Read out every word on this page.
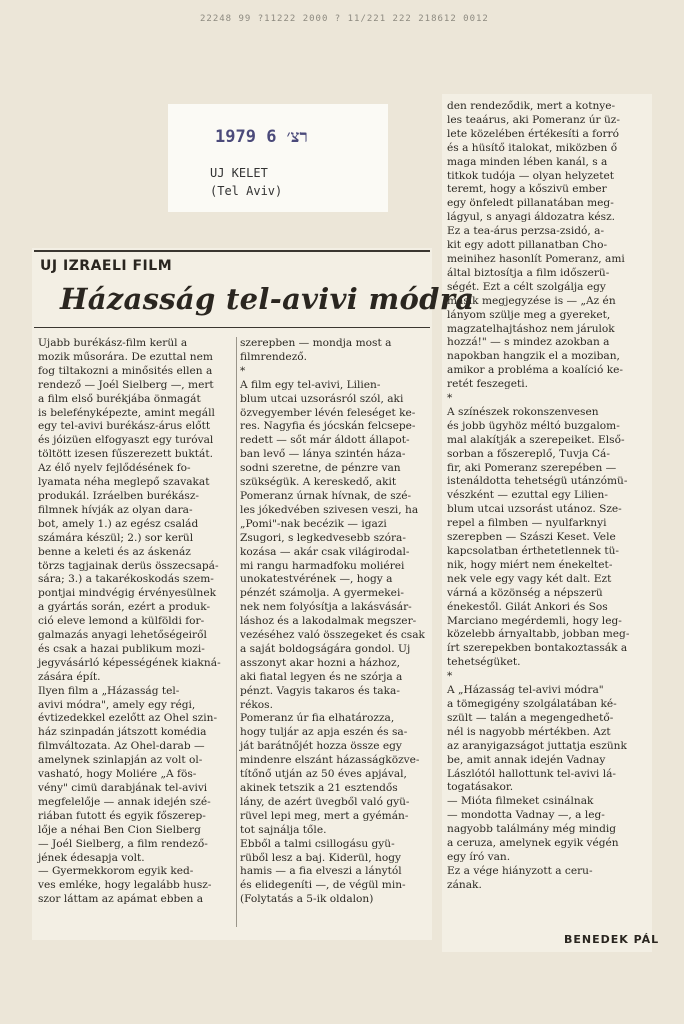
22248 99 ?11222 2000 ? 11/221 222 218612 0012
1979 רצ׳ 6
UJ KELET
(Tel Aviv)
UJ IZRAELI FILM
Házasság tel-avivi módra
Ujabb burékász-film kerül a
mozik műsorára. De ezuttal nem
fog tiltakozni a minősités ellen a
rendező — Joél Sielberg —, mert
a film első burékjába önmagát
is belefényképezte, amint megáll
egy tel-avivi burékász-árus előtt
és jóizüen elfogyaszt egy turóval
töltött izesen fűszerezett buktát.
Az élő nyelv fejlődésének fo-
lyamata néha meglepő szavakat
produkál. Izráelben burékász-
filmnek hívják az olyan dara-
bot, amely 1.) az egész család
számára készül; 2.) sor kerül
benne a keleti és az áskenáz
törzs tagjainak derüs összecsapá-
sára; 3.) a takarékoskodás szem-
pontjai mindvégig érvényesülnek
a gyártás során, ezért a produk-
ció eleve lemond a külföldi for-
galmazás anyagi lehetőségeiről
és csak a hazai publikum mozi-
jegyvásárló képességének kiakná-
zására épít.
Ilyen film a „Házasság tel-
avivi módra", amely egy régi,
évtizedekkel ezelőtt az Ohel szin-
ház szinpadán játszott komédia
filmváltozata. Az Ohel-darab —
amelynek szinlapján az volt ol-
vasható, hogy Moliére „A fös-
vény" cimü darabjának tel-avivi
megfelelője — annak idején szé-
riában futott és egyik főszerep-
lője a néhai Ben Cion Sielberg
— Joél Sielberg, a film rendező-
jének édesapja volt.
— Gyermekkorom egyik ked-
ves emléke, hogy legalább husz-
szor láttam az apámat ebben a
szerepben — mondja most a
filmrendező.
*
A film egy tel-avivi, Lilien-
blum utcai uzsorásról szól, aki
özvegyember lévén feleséget ke-
res. Nagyfia és jócskán felcsepe-
redett — sőt már áldott állapot-
ban levő — lánya szintén háza-
sodni szeretne, de pénzre van
szükségük. A kereskedő, akit
Pomeranz úrnak hívnak, de szé-
les jókedvében szivesen veszi, ha
„Pomi"-nak becézik — igazi
Zsugori, s legkedvesebb szóra-
kozása — akár csak világirodal-
mi rangu harmadfoku moliérei
unokatestvérének —, hogy a
pénzét számolja. A gyermekei-
nek nem folyósítja a lakásvásár-
láshoz és a lakodalmak megszer-
vezéséhez való összegeket és csak
a saját boldogságára gondol. Uj
asszonyt akar hozni a házhoz,
aki fiatal legyen és ne szórja a
pénzt. Vagyis takaros és taka-
rékos.
Pomeranz úr fia elhatározza,
hogy tuljár az apja eszén és sa-
ját barátnőjét hozza össze egy
mindenre elszánt házasságközve-
títőnő utján az 50 éves apjával,
akinek tetszik a 21 esztendős
lány, de azért üvegből való gyü-
rüvel lepi meg, mert a gyémán-
tot sajnálja tőle.
Ebből a talmi csillogásu gyü-
rüből lesz a baj. Kiderül, hogy
hamis — a fia elveszi a lánytól
és elidegeníti —, de végül min-
(Folytatás a 5-ik oldalon)
den rendeződik, mert a kotnye-
les teaárus, aki Pomeranz úr üz-
lete közelében értékesíti a forró
és a hüsítő italokat, miközben ő
maga minden lében kanál, s a
titkok tudója — olyan helyzetet
teremt, hogy a kőszivü ember
egy önfeledt pillanatában meg-
lágyul, s anyagi áldozatra kész.
Ez a tea-árus perzsa-zsidó, a-
kit egy adott pillanatban Cho-
meinihez hasonlít Pomeranz, ami
által biztosítja a film időszerü-
ségét. Ezt a célt szolgálja egy
másik megjegyzése is — „Az én
lányom szülje meg a gyereket,
magzatelhajtáshoz nem járulok
hozzá!" — s mindez azokban a
napokban hangzik el a moziban,
amikor a probléma a koalíció ke-
retét feszegeti.
*
A színészek rokonszenvesen
és jobb ügyhöz méltó buzgalom-
mal alakítják a szerepeiket. Első-
sorban a főszereplő, Tuvja Cá-
fir, aki Pomeranz szerepében —
istenáldotta tehetségü utánzómü-
vészként — ezuttal egy Lilien-
blum utcai uzsorást utánoz. Sze-
repel a filmben — nyulfarknyi
szerepben — Szászi Keset. Vele
kapcsolatban érthetetlennek tü-
nik, hogy miért nem énekeltet-
nek vele egy vagy két dalt. Ezt
várná a közönség a népszerü
énekestől. Gilát Ankori és Sos
Marciano megérdemli, hogy leg-
közelebb árnyaltabb, jobban meg-
írt szerepekben bontakoztassák a
tehetségüket.
*
A „Házasság tel-avivi módra"
a tömegigény szolgálatában ké-
szült — talán a megengedhető-
nél is nagyobb mértékben. Azt
az aranyigazságot juttatja eszünk
be, amit annak idején Vadnay
Lászlótól hallottunk tel-avivi lá-
togatásakor.
— Mióta filmeket csinálnak
— mondotta Vadnay —, a leg-
nagyobb találmány még mindig
a ceruza, amelynek egyik végén
egy író van.
Ez a vége hiányzott a ceru-
zának.
BENEDEK PÁL
